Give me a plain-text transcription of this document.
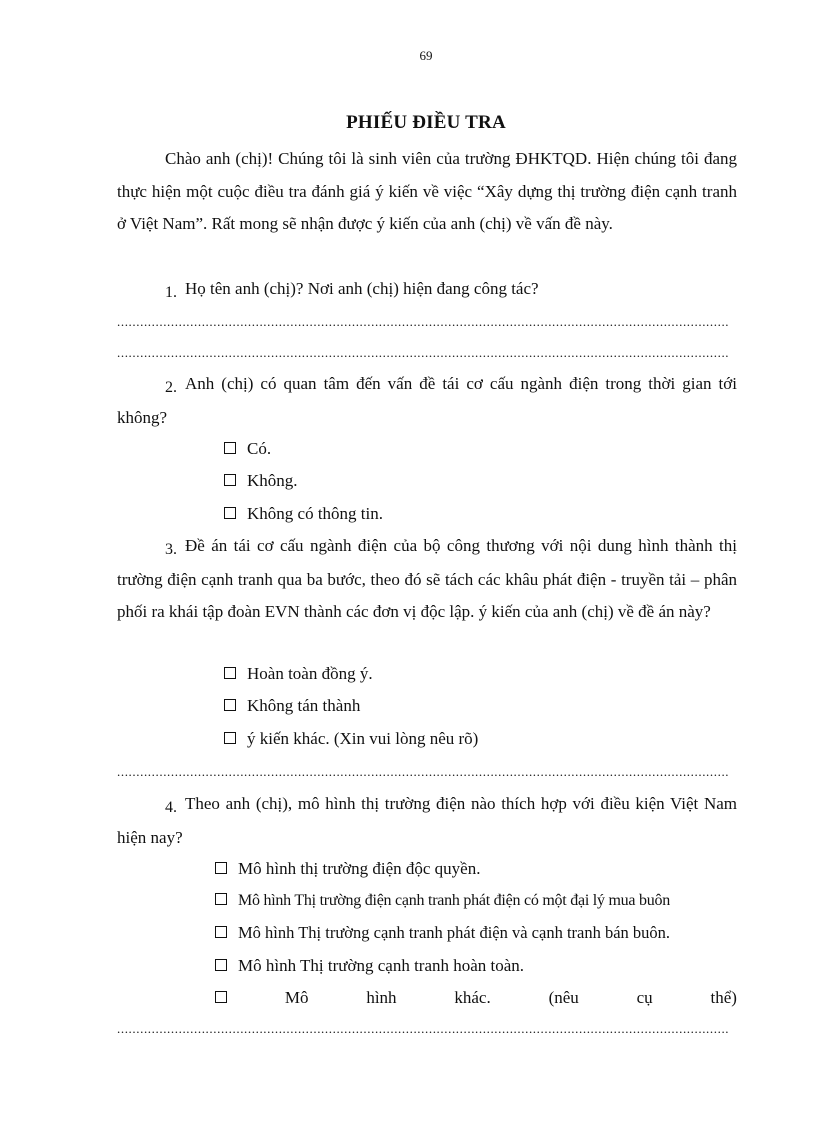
69
PHIẾU ĐIỀU TRA
Chào anh (chị)! Chúng tôi là sinh viên của trường ĐHKTQD. Hiện chúng tôi đang thực hiện một cuộc điều tra đánh giá ý kiến về việc “Xây dựng thị trường điện cạnh tranh ở Việt Nam”. Rất mong sẽ nhận được ý kiến của anh (chị) về vấn đề này.
1. Họ tên anh (chị)? Nơi anh (chị) hiện đang công tác?
...............................................................................................................................................................
...............................................................................................................................................................
2. Anh (chị) có quan tâm đến vấn đề tái cơ cấu ngành điện trong thời gian tới không?
Có.
Không.
Không có thông tin.
3. Đề án tái cơ cấu ngành điện của bộ công thương với nội dung hình thành thị trường điện cạnh tranh qua ba bước, theo đó sẽ tách các khâu phát điện - truyền tải – phân phối ra khái tập đoàn EVN thành các đơn vị độc lập. ý kiến của anh (chị) về đề án này?
Hoàn toàn đồng ý.
Không tán thành
ý kiến khác. (Xin vui lòng nêu rõ)
...............................................................................................................................................................
4. Theo anh (chị), mô hình thị trường điện nào thích hợp với điều kiện Việt Nam hiện nay?
Mô hình thị trường điện độc quyền.
Mô hình Thị trường điện cạnh tranh phát điện có một đại lý mua buôn
Mô hình Thị trường cạnh tranh phát điện và cạnh tranh bán buôn.
Mô hình Thị trường cạnh tranh hoàn toàn.
Mô	hình	khác.	(nêu	cụ	thể)
...............................................................................................................................................................
